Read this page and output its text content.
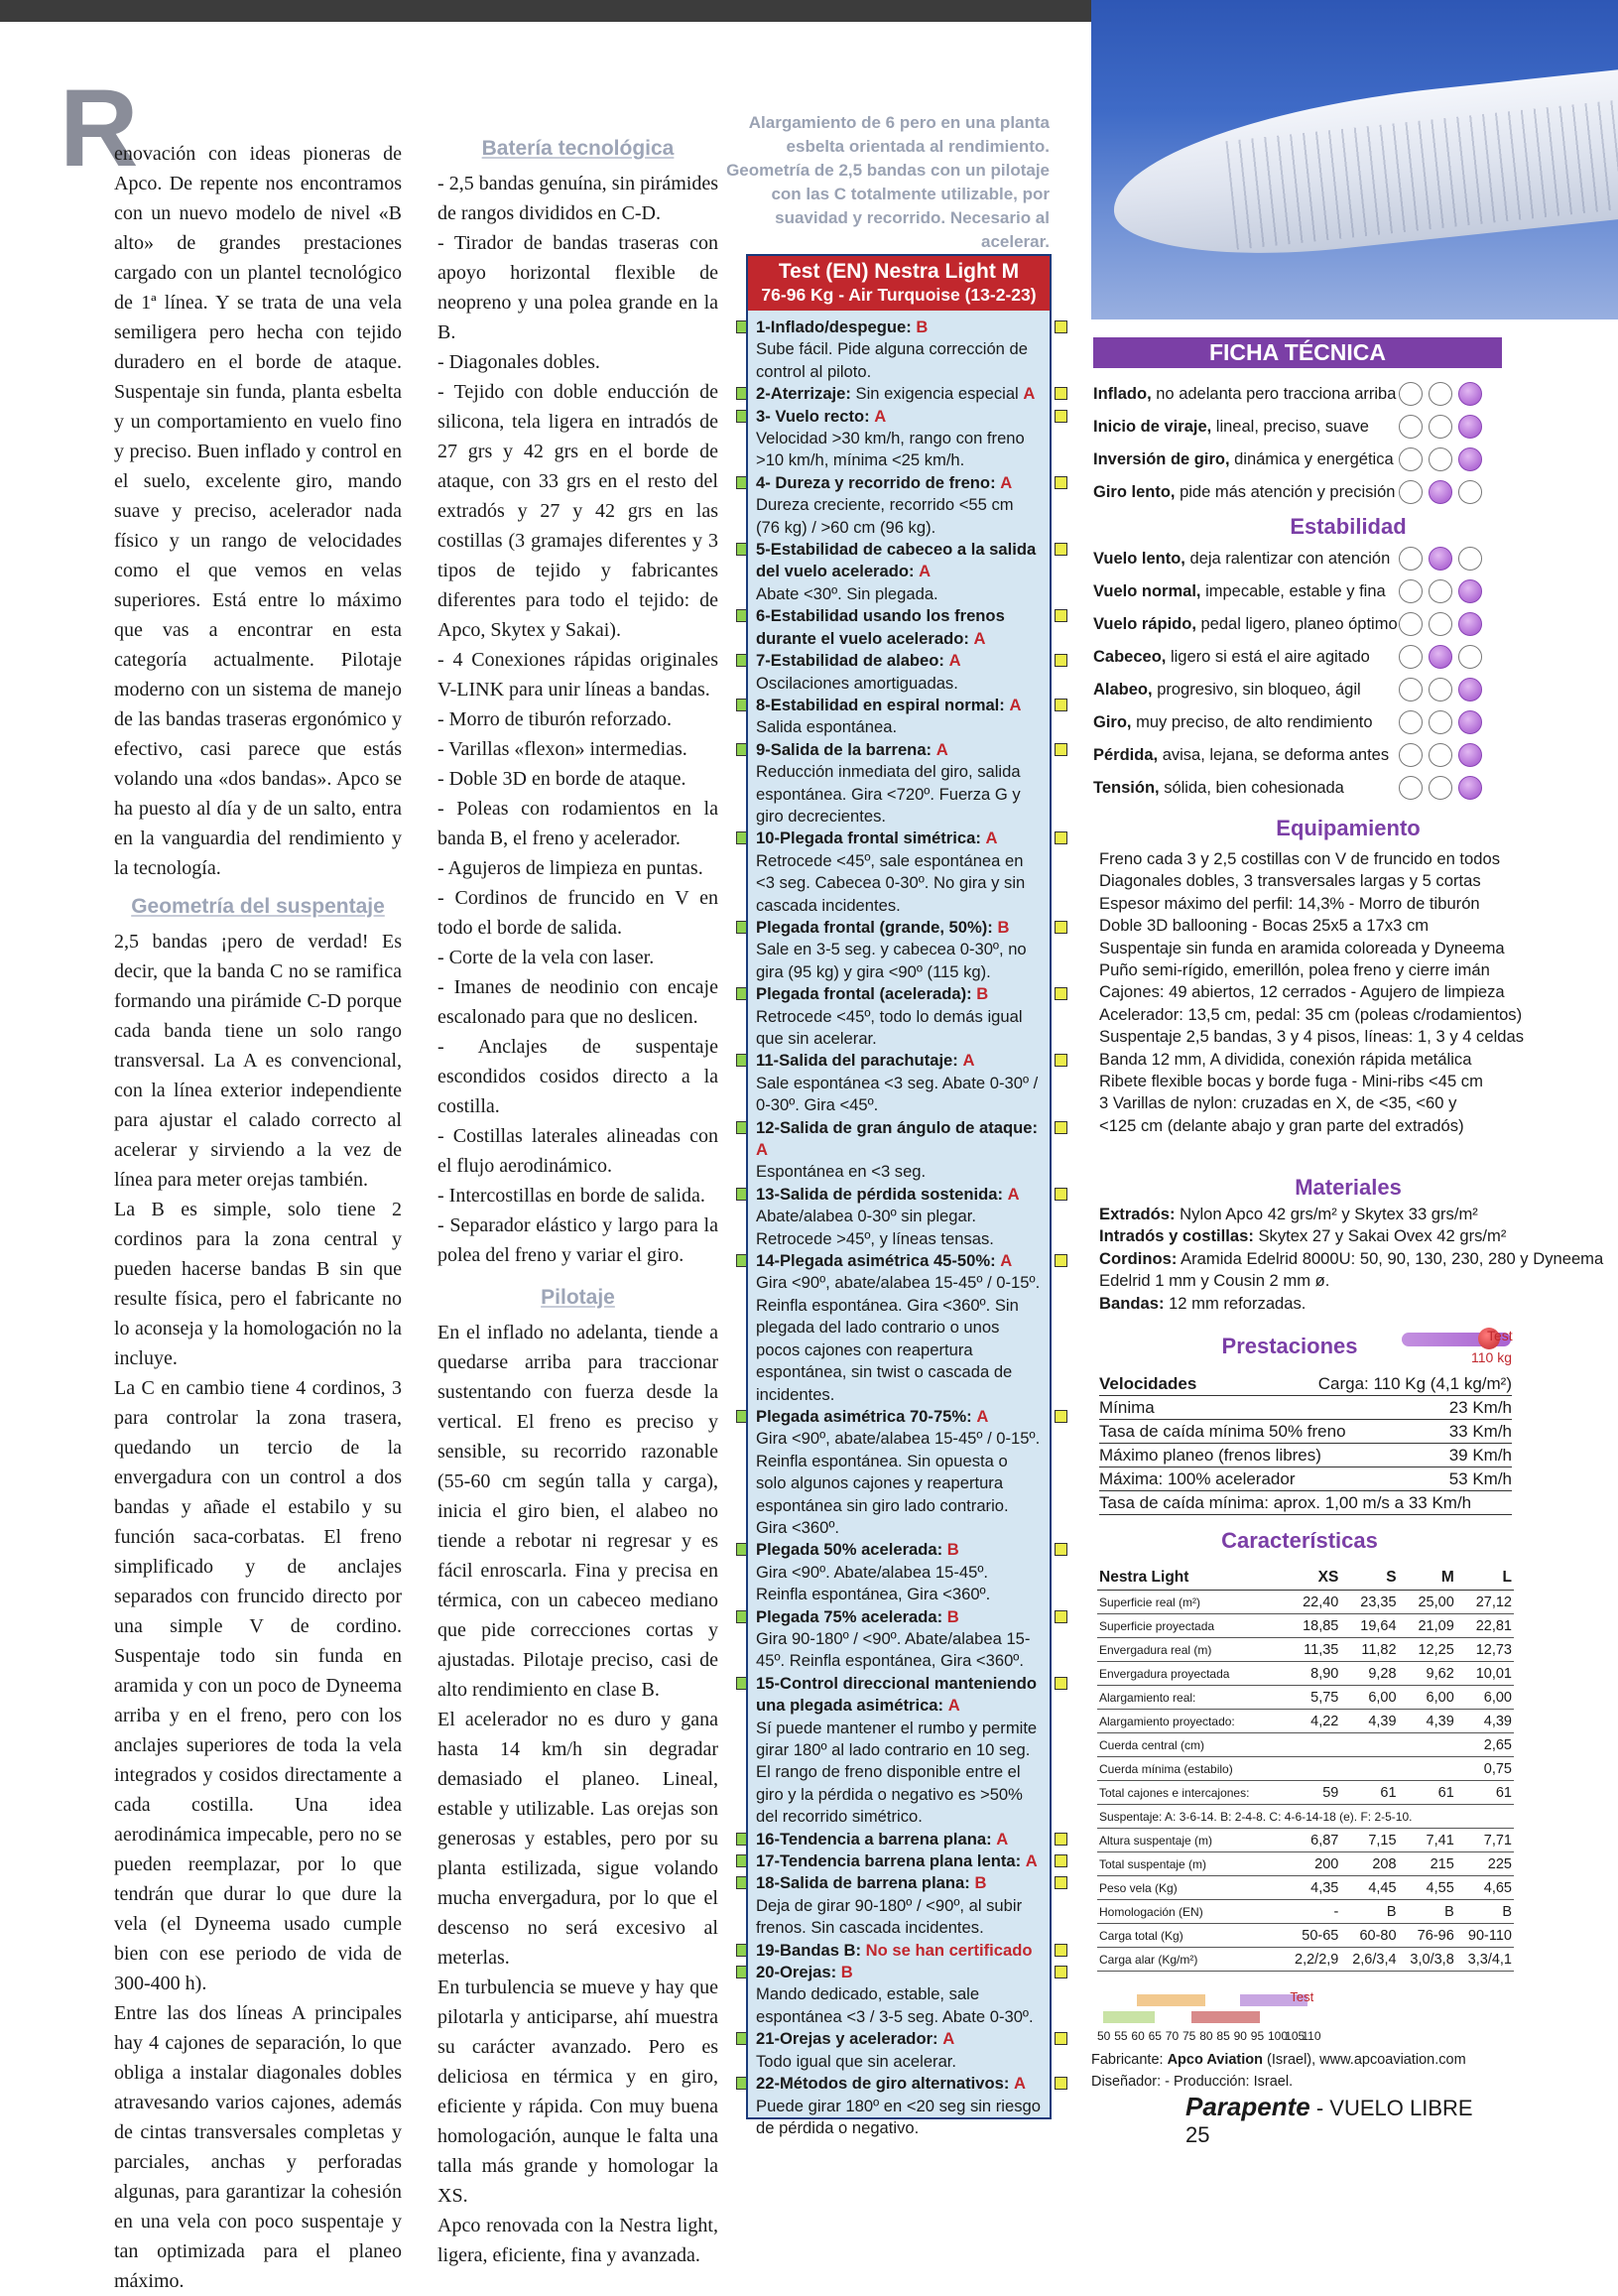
R

enovación con ideas pioneras de Apco. De repente nos encontramos con un nuevo modelo de nivel «B alto» de grandes prestaciones cargado con un plantel tecnológico de 1ª línea. Y se trata de una vela semiligera pero hecha con tejido duradero en el borde de ataque. Suspentaje sin funda, planta esbelta y un comportamiento en vuelo fino y preciso. Buen inflado y control en el suelo, excelente giro, mando suave y preciso, acelerador nada físico y un rango de velocidades como el que vemos en velas superiores. Está entre lo máximo que vas a encontrar en esta categoría actualmente. Pilotaje moderno con un sistema de manejo de las bandas traseras ergonómico y efectivo, casi parece que estás volando una «dos bandas». Apco se ha puesto al día y de un salto, entra en la vanguardia del rendimiento y la tecnología.

Geometría del suspentaje

2,5 bandas ¡pero de verdad! Es decir, que la banda C no se ramifica formando una pirámide C-D porque cada banda tiene un solo rango transversal. La A es convencional, con la línea exterior independiente para ajustar el calado correcto al acelerar y sirviendo a la vez de línea para meter orejas también.

La B es simple, solo tiene 2 cordinos para la zona central y pueden hacerse bandas B sin que resulte física, pero el fabricante no lo aconseja y la homologación no la incluye.

La C en cambio tiene 4 cordinos, 3 para controlar la zona trasera, quedando un tercio de la envergadura con un control a dos bandas y añade el estabilo y su función saca-corbatas. El freno simplificado y de anclajes separados con fruncido directo por una simple V de cordino. Suspentaje todo sin funda en aramida y con un poco de Dyneema arriba y en el freno, pero con los anclajes superiores de toda la vela integrados y cosidos directamente a cada costilla. Una idea aerodinámica impecable, pero no se pueden reemplazar, por lo que tendrán que durar lo que dure la vela (el Dyneema usado cumple bien con ese periodo de vida de 300-400 h).

Entre las dos líneas A principales hay 4 cajones de separación, lo que obliga a instalar diagonales dobles atravesando varios cajones, además de cintas transversales completas y parciales, anchas y perforadas algunas, para garantizar la cohesión en una vela con poco suspentaje y tan optimizada para el planeo máximo.

Batería tecnológica

- 2,5 bandas genuína, sin pirámides de rangos divididos en C-D.

- Tirador de bandas traseras con apoyo horizontal flexible de neopreno y una polea grande en la B.

- Diagonales dobles.

- Tejido con doble enducción de silicona, tela ligera en intradós de 27 grs y 42 grs en el borde de ataque, con 33 grs en el resto del extradós y 27 y 42 grs en las costillas (3 gramajes diferentes y 3 tipos de tejido y fabricantes diferentes para todo el tejido: de Apco, Skytex y Sakai).

- 4 Conexiones rápidas originales V-LINK para unir líneas a bandas.

- Morro de tiburón reforzado.

- Varillas «flexon» intermedias.

- Doble 3D en borde de ataque.

- Poleas con rodamientos en la banda B, el freno y acelerador.

- Agujeros de limpieza en puntas.

- Cordinos de fruncido en V en todo el borde de salida.

- Corte de la vela con laser.

- Imanes de neodinio con encaje escalonado para que no deslicen.

- Anclajes de suspentaje escondidos cosidos directo a la costilla.

- Costillas laterales alineadas con el flujo aerodinámico.

- Intercostillas en borde de salida.

- Separador elástico y largo para la polea del freno y variar el giro.

Pilotaje

En el inflado no adelanta, tiende a quedarse arriba para traccionar sustentando con fuerza desde la vertical. El freno es preciso y sensible, su recorrido razonable (55-60 cm según talla y carga), inicia el giro bien, el alabeo no tiende a rebotar ni regresar y es fácil enroscarla. Fina y precisa en térmica, con un cabeceo mediano que pide correcciones cortas y ajustadas. Pilotaje preciso, casi de alto rendimiento en clase B.

El acelerador no es duro y gana hasta 14 km/h sin degradar demasiado el planeo. Lineal, estable y utilizable. Las orejas son generosas y estables, pero por su planta estilizada, sigue volando mucha envergadura, por lo que el descenso no será excesivo al meterlas.

En turbulencia se mueve y hay que pilotarla y anticiparse, ahí muestra su carácter avanzado. Pero es deliciosa en térmica y en giro, eficiente y rápida. Con muy buena homologación, aunque le falta una talla más grande y homologar la XS.

Apco renovada con la Nestra light, ligera, eficiente, fina y avanzada.

Alargamiento de 6 pero en una planta esbelta orientada al rendimiento. Geometría de 2,5 bandas con un pilotaje con las C totalmente utilizable, por suavidad y recorrido. Necesario al acelerar.
Test (EN) Nestra Light M
76-96 Kg - Air Turquoise (13-2-23)
1-Inflado/despegue: B
Sube fácil. Pide alguna corrección de control al piloto.
2-Aterrizaje: Sin exigencia especial A
3- Vuelo recto: A
Velocidad >30 km/h, rango con freno >10 km/h, mínima <25 km/h.
4- Dureza y recorrido de freno: A
Dureza creciente, recorrido <55 cm (76 kg) / >60 cm (96 kg).
5-Estabilidad de cabeceo a la salida del vuelo acelerado: A
Abate <30º. Sin plegada.
6-Estabilidad usando los frenos durante el vuelo acelerado: A
7-Estabilidad de alabeo: A
Oscilaciones amortiguadas.
8-Estabilidad en espiral normal: A
Salida espontánea.
9-Salida de la barrena: A
Reducción inmediata del giro, salida espontánea. Gira <720º. Fuerza G y giro decrecientes.
10-Plegada frontal simétrica: A
Retrocede <45º, sale espontánea en <3 seg. Cabecea 0-30º. No gira y sin cascada incidentes.
Plegada frontal (grande, 50%): B
Sale en 3-5 seg. y cabecea 0-30º, no gira (95 kg) y gira <90º (115 kg).
Plegada frontal (acelerada): B
Retrocede <45º, todo lo demás igual que sin acelerar.
11-Salida del parachutaje: A
Sale espontánea <3 seg. Abate 0-30º / 0-30º. Gira <45º.
12-Salida de gran ángulo de ataque: A
Espontánea en <3 seg.
13-Salida de pérdida sostenida: A
Abate/alabea 0-30º sin plegar. Retrocede >45º, y líneas tensas.
14-Plegada asimétrica 45-50%: A
Gira <90º, abate/alabea 15-45º / 0-15º. Reinfla espontánea. Gira <360º. Sin plegada del lado contrario o unos pocos cajones con reapertura espontánea, sin twist o cascada de incidentes.
Plegada asimétrica 70-75%: A
Gira <90º, abate/alabea 15-45º / 0-15º. Reinfla espontánea. Sin opuesta o solo algunos cajones y reapertura espontánea sin giro lado contrario. Gira <360º.
Plegada 50% acelerada: B
Gira <90º. Abate/alabea 15-45º. Reinfla espontánea, Gira <360º.
Plegada 75% acelerada: B
Gira 90-180º / <90º. Abate/alabea 15-45º. Reinfla espontánea, Gira <360º.
15-Control direccional manteniendo una plegada asimétrica: A
Sí puede mantener el rumbo y permite girar 180º al lado contrario en 10 seg. El rango de freno disponible entre el giro y la pérdida o negativo es >50% del recorrido simétrico.
16-Tendencia a barrena plana: A
17-Tendencia barrena plana lenta: A
18-Salida de barrena plana: B
Deja de girar 90-180º / <90º, al subir frenos. Sin cascada incidentes.
19-Bandas B: No se han certificado
20-Orejas: B
Mando dedicado, estable, sale espontánea <3 / 3-5 seg. Abate 0-30º.
21-Orejas y acelerador: A
Todo igual que sin acelerar.
22-Métodos de giro alternativos: A
Puede girar 180º en <20 seg sin riesgo de pérdida o negativo.
FICHA TÉCNICA
Inflado, no adelanta pero tracciona arriba
Inicio de viraje, lineal, preciso, suave
Inversión de giro, dinámica y energética
Giro lento, pide más atención y precisión
Estabilidad
Vuelo lento, deja ralentizar con atención
Vuelo normal, impecable, estable y fina
Vuelo rápido, pedal ligero, planeo óptimo
Cabeceo, ligero si está el aire agitado
Alabeo, progresivo, sin bloqueo, ágil
Giro, muy preciso, de alto rendimiento
Pérdida, avisa, lejana, se deforma antes
Tensión, sólida, bien cohesionada
Equipamiento
Freno cada 3 y 2,5 costillas con V de fruncido en todos
Diagonales dobles, 3 transversales largas y 5 cortas
Espesor máximo del perfil: 14,3% - Morro de tiburón
Doble 3D ballooning - Bocas 25x5 a 17x3 cm
Suspentaje sin funda en aramida coloreada y Dyneema
Puño semi-rígido, emerillón, polea freno y cierre imán
Cajones: 49 abiertos, 12 cerrados - Agujero de limpieza
Acelerador: 13,5 cm, pedal: 35 cm (poleas c/rodamientos)
Suspentaje 2,5 bandas, 3 y 4 pisos, líneas: 1, 3 y 4 celdas
Banda 12 mm, A dividida, conexión rápida metálica
Ribete flexible bocas y borde fuga - Mini-ribs <45 cm
3 Varillas de nylon: cruzadas en X, de <35, <60 y
<125 cm (delante abajo y gran parte del extradós)
Materiales
Extradós: Nylon Apco 42 grs/m² y Skytex 33 grs/m²
Intradós y costillas: Skytex 27 y Sakai Ovex 42 grs/m²
Cordinos: Aramida Edelrid 8000U: 50, 90, 130, 230, 280 y Dyneema Edelrid 1 mm y Cousin 2 mm ø.
Bandas: 12 mm reforzadas.
Prestaciones	Test
110 kg
Velocidades	Carga: 110 Kg (4,1 kg/m²)
Mínima	23 Km/h
Tasa de caída mínima 50% freno	33 Km/h
Máximo planeo (frenos libres)	39 Km/h
Máxima: 100% acelerador	53 Km/h
Tasa de caída mínima: aprox. 1,00 m/s a 33 Km/h
Características
Nestra Light	XS	S	M	L
Superficie real (m²)	22,40	23,35	25,00	27,12
Superficie proyectada	18,85	19,64	21,09	22,81
Envergadura real (m)	11,35	11,82	12,25	12,73
Envergadura proyectada	8,90	9,28	9,62	10,01
Alargamiento real:	5,75	6,00	6,00	6,00
Alargamiento proyectado:	4,22	4,39	4,39	4,39
Cuerda central (cm)				2,65
Cuerda mínima (estabilo)				0,75
Total cajones e intercajones:	59	61	61	61
Suspentaje: A: 3-6-14. B: 2-4-8. C: 4-6-14-18 (e). F: 2-5-10.				
Altura suspentaje (m)	6,87	7,15	7,41	7,71
Total suspentaje (m)	200	208	215	225
Peso vela (Kg)	4,35	4,45	4,55	4,65
Homologación (EN)	-	B	B	B
Carga total (Kg)	50-65	60-80	76-96	90-110
Carga alar (Kg/m²)	2,2/2,9	2,6/3,4	3,0/3,8	3,3/4,1
50 55 60 65 70 75 80 85 90 95 100
105
110
Test
Fabricante: Apco Aviation (Israel), www.apcoaviation.com
Diseñador: - Producción: Israel.
Parapente - VUELO LIBRE 25
